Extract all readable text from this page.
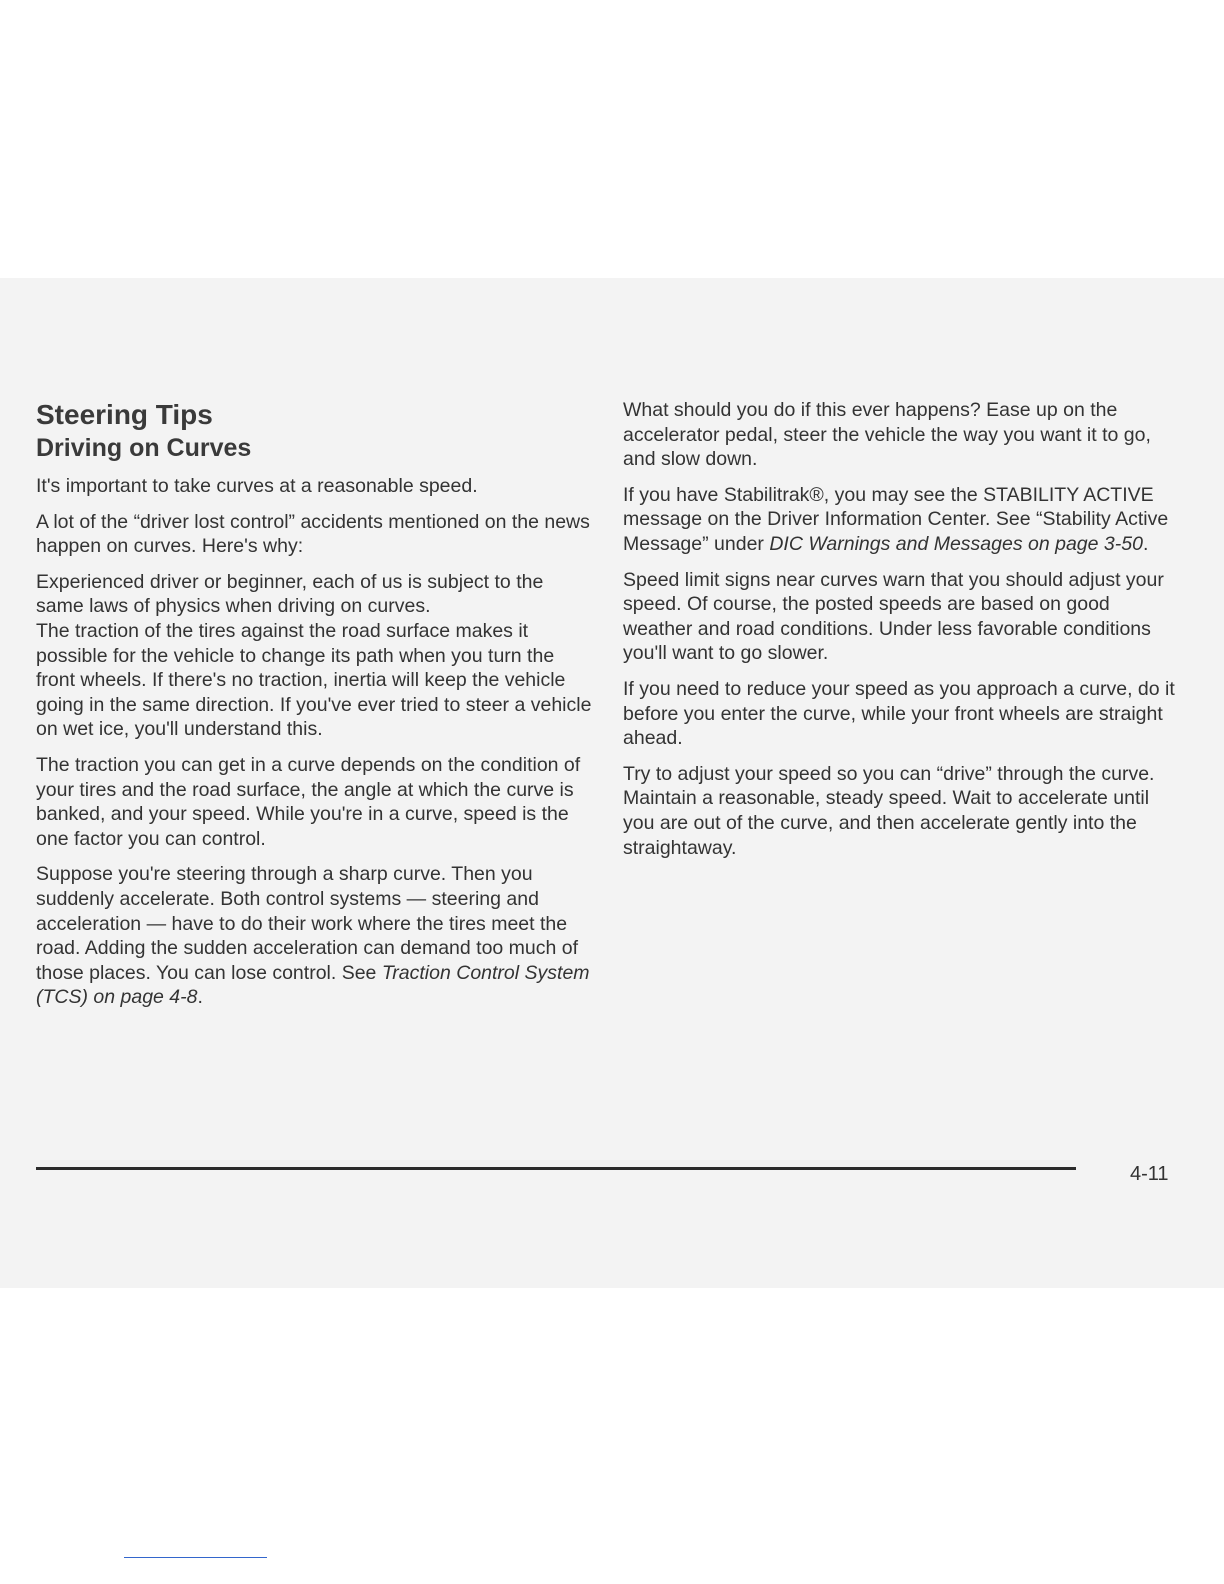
Steering Tips
Driving on Curves

It's important to take curves at a reasonable speed.

A lot of the “driver lost control” accidents mentioned on the news happen on curves. Here's why:

Experienced driver or beginner, each of us is subject to the same laws of physics when driving on curves.

The traction of the tires against the road surface makes it possible for the vehicle to change its path when you turn the front wheels. If there's no traction, inertia will keep the vehicle going in the same direction. If you've ever tried to steer a vehicle on wet ice, you'll understand this.

The traction you can get in a curve depends on the condition of your tires and the road surface, the angle at which the curve is banked, and your speed. While you're in a curve, speed is the one factor you can control.

Suppose you're steering through a sharp curve. Then you suddenly accelerate. Both control systems — steering and acceleration — have to do their work where the tires meet the road. Adding the sudden acceleration can demand too much of those places. You can lose control. See Traction Control System (TCS) on page 4-8.

What should you do if this ever happens? Ease up on the accelerator pedal, steer the vehicle the way you want it to go, and slow down.

If you have Stabilitrak®, you may see the STABILITY ACTIVE message on the Driver Information Center. See “Stability Active Message” under DIC Warnings and Messages on page 3-50.

Speed limit signs near curves warn that you should adjust your speed. Of course, the posted speeds are based on good weather and road conditions. Under less favorable conditions you'll want to go slower.

If you need to reduce your speed as you approach a curve, do it before you enter the curve, while your front wheels are straight ahead.

Try to adjust your speed so you can “drive” through the curve. Maintain a reasonable, steady speed. Wait to accelerate until you are out of the curve, and then accelerate gently into the straightaway.

4-11
